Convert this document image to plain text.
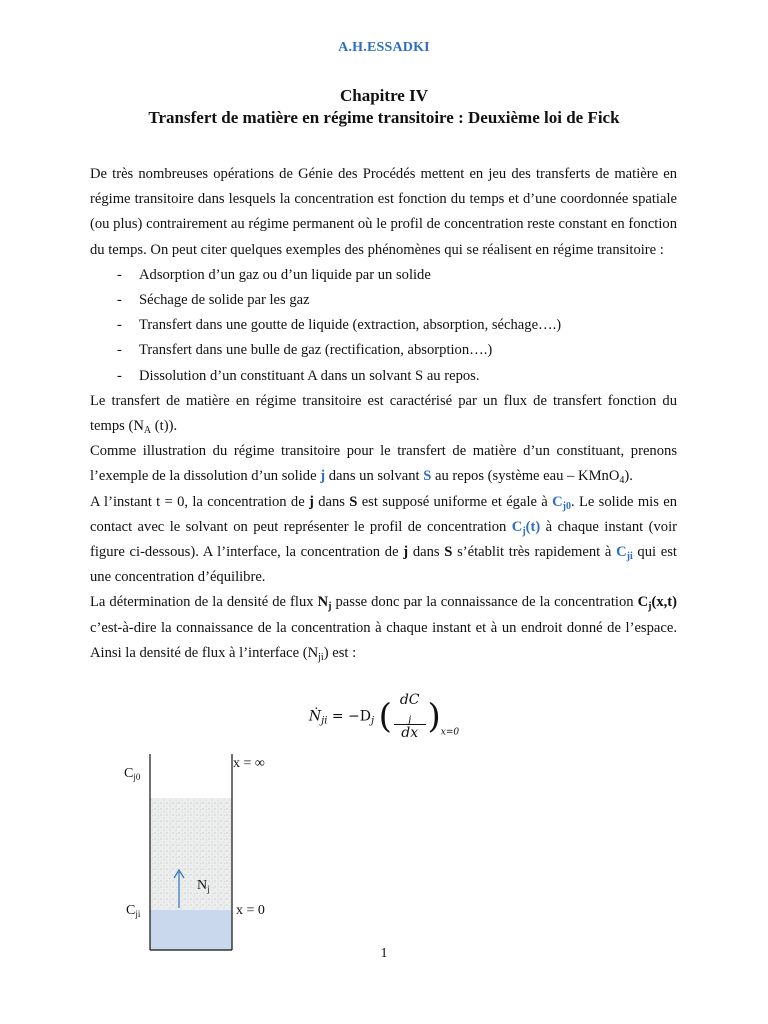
A.H.ESSADKI
Chapitre IV
Transfert de matière en régime transitoire : Deuxième loi de Fick

De très nombreuses opérations de Génie des Procédés mettent en jeu des transferts de matière en régime transitoire dans lesquels la concentration est fonction du temps et d’une coordonnée spatiale (ou plus) contrairement au régime permanent où le profil de concentration reste constant en fonction du temps. On peut citer quelques exemples des phénomènes qui se réalisent en régime transitoire :

- Adsorption d’un gaz ou d’un liquide par un solide
- Séchage de solide par les gaz
- Transfert dans une goutte de liquide (extraction, absorption, séchage….)
- Transfert dans une bulle de gaz (rectification, absorption….)
- Dissolution d’un constituant A dans un solvant S au repos.

Le transfert de matière en régime transitoire est caractérisé par un flux de transfert fonction du temps ($N_A$ (t)).

Comme illustration du régime transitoire pour le transfert de matière d’un constituant, prenons l’exemple de la dissolution d’un solide j dans un solvant S au repos (système eau – KMnO$_4$).

A l’instant t = 0, la concentration de j dans S est supposé uniforme et égale à $C_{j0}$. Le solide mis en contact avec le solvant on peut représenter le profil de concentration $C_j(t)$ à chaque instant (voir figure ci-dessous). A l’interface, la concentration de j dans S s’établit très rapidement à $C_{ji}$ qui est une concentration d’équilibre.

La détermination de la densité de flux $N_j$ passe donc par la connaissance de la concentration $C_j(x,t)$ c’est-à-dire la connaissance de la concentration à chaque instant et à un endroit donné de l’espace. Ainsi la densité de flux à l’interface $(N_{ji})$ est :

Ṅ$_{ji}$ = $-D_j$ ( dC
$_j$
dx )$_{x=0}$
$C_{j0}$
x = ∞
$N_j$
$C_{ji}$	x = 0
1
